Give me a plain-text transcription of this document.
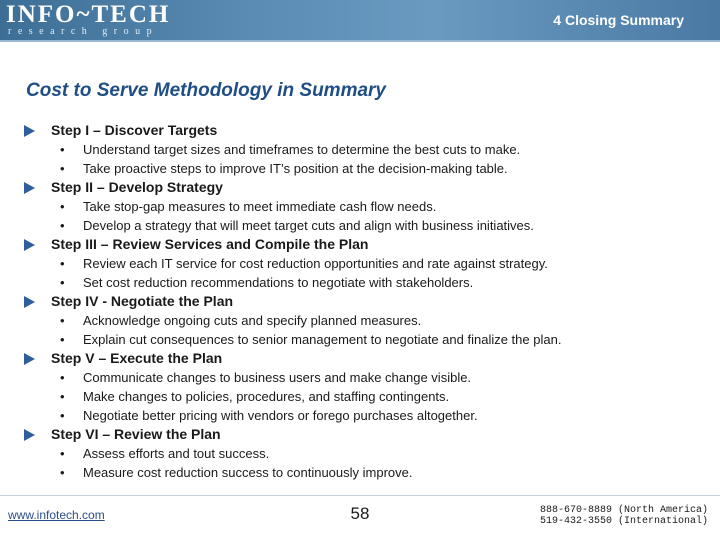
INFO~TECH
research group
4 Closing Summary
Cost to Serve Methodology in Summary
Step I – Discover Targets
• Understand target sizes and timeframes to determine the best cuts to make.
• Take proactive steps to improve IT’s position at the decision-making table.
Step II – Develop Strategy
• Take stop-gap measures to meet immediate cash flow needs.
• Develop a strategy that will meet target cuts and align with business initiatives.
Step III – Review Services and Compile the Plan
• Review each IT service for cost reduction opportunities and rate against strategy.
• Set cost reduction recommendations to negotiate with stakeholders.
Step IV - Negotiate the Plan
• Acknowledge ongoing cuts and specify planned measures.
• Explain cut consequences to senior management to negotiate and finalize the plan.
Step V – Execute the Plan
• Communicate changes to business users and make change visible.
• Make changes to policies, procedures, and staffing contingents.
• Negotiate better pricing with vendors or forego purchases altogether.
Step VI – Review the Plan
• Assess efforts and tout success.
• Measure cost reduction success to continuously improve.
www.infotech.com	58	888-670-8889 (North America)
519-432-3550 (International)
